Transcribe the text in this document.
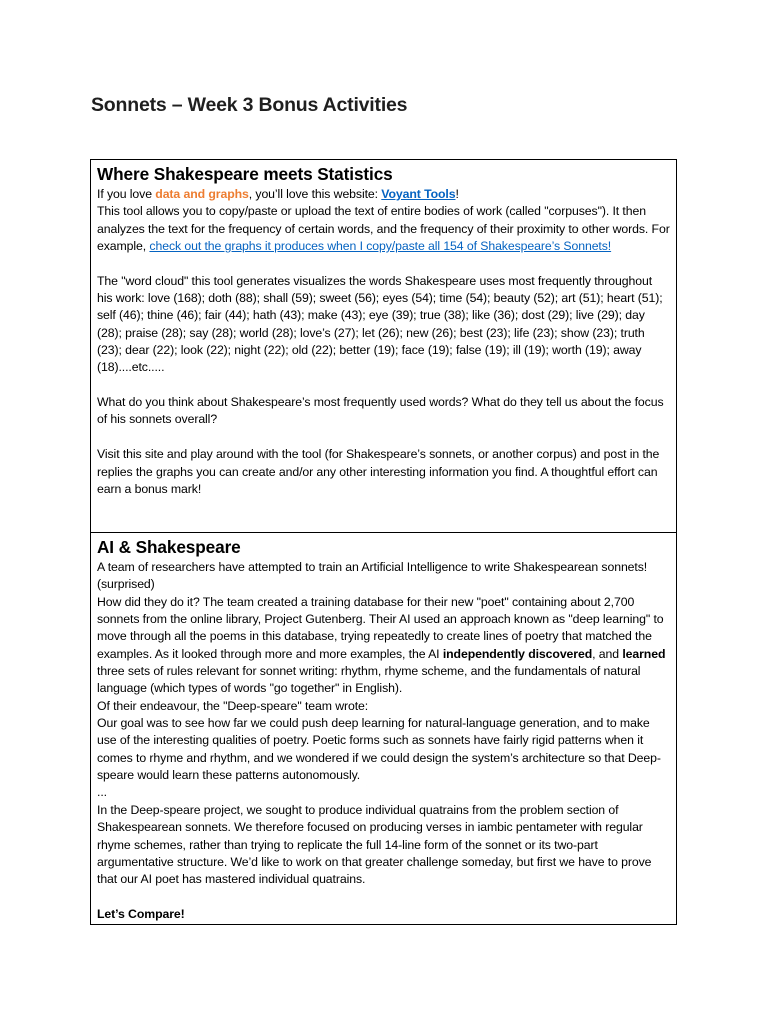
Sonnets – Week 3 Bonus Activities
Where Shakespeare meets Statistics

If you love data and graphs, you’ll love this website: Voyant Tools!

This tool allows you to copy/paste or upload the text of entire bodies of work (called "corpuses"). It then analyzes the text for the frequency of certain words, and the frequency of their proximity to other words. For example, check out the graphs it produces when I copy/paste all 154 of Shakespeare’s Sonnets!

The "word cloud" this tool generates visualizes the words Shakespeare uses most frequently throughout his work: love (168); doth (88); shall (59); sweet (56); eyes (54); time (54); beauty (52); art (51); heart (51); self (46); thine (46); fair (44); hath (43); make (43); eye (39); true (38); like (36); dost (29); live (29); day (28); praise (28); say (28); world (28); love’s (27); let (26); new (26); best (23); life (23); show (23); truth (23); dear (22); look (22); night (22); old (22); better (19); face (19); false (19); ill (19); worth (19); away (18)....etc.....

What do you think about Shakespeare’s most frequently used words? What do they tell us about the focus of his sonnets overall?

Visit this site and play around with the tool (for Shakespeare’s sonnets, or another corpus) and post in the replies the graphs you can create and/or any other interesting information you find. A thoughtful effort can earn a bonus mark!

AI & Shakespeare

A team of researchers have attempted to train an Artificial Intelligence to write Shakespearean sonnets! (surprised)

How did they do it? The team created a training database for their new "poet" containing about 2,700 sonnets from the online library, Project Gutenberg. Their AI used an approach known as "deep learning" to move through all the poems in this database, trying repeatedly to create lines of poetry that matched the examples. As it looked through more and more examples, the AI independently discovered, and learned three sets of rules relevant for sonnet writing: rhythm, rhyme scheme, and the fundamentals of natural language (which types of words "go together" in English).

Of their endeavour, the "Deep-speare" team wrote:

Our goal was to see how far we could push deep learning for natural-language generation, and to make use of the interesting qualities of poetry. Poetic forms such as sonnets have fairly rigid patterns when it comes to rhyme and rhythm, and we wondered if we could design the system’s architecture so that Deep-speare would learn these patterns autonomously.

...

In the Deep-speare project, we sought to produce individual quatrains from the problem section of Shakespearean sonnets. We therefore focused on producing verses in iambic pentameter with regular rhyme schemes, rather than trying to replicate the full 14-line form of the sonnet or its two-part argumentative structure. We’d like to work on that greater challenge someday, but first we have to prove that our AI poet has mastered individual quatrains.

Let’s Compare!
